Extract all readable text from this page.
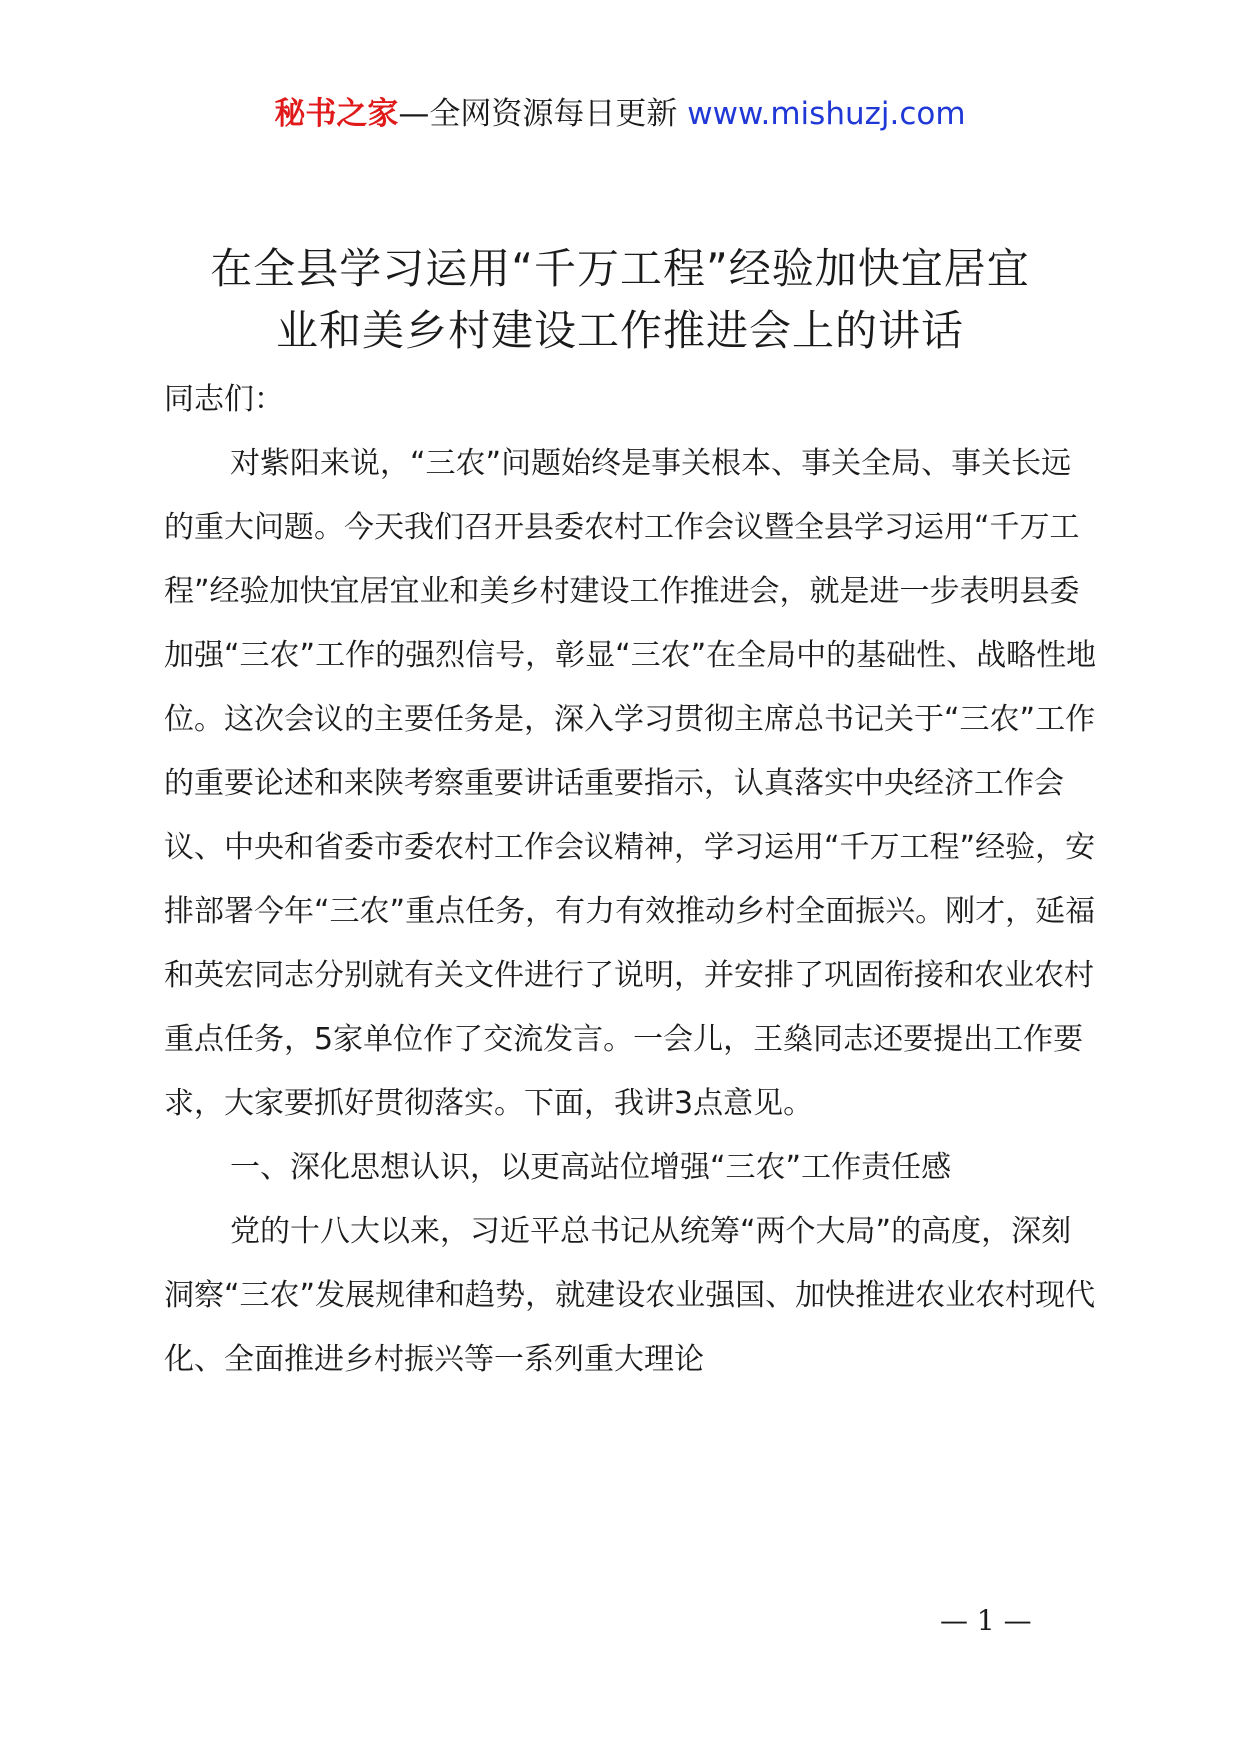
秘书之家—全网资源每日更新 www.mishuzj.com
在全县学习运用“千万工程”经验加快宜居宜
业和美乡村建设工作推进会上的讲话

同志们：

对紫阳来说，“三农”问题始终是事关根本、事关全局、事关长远的重大问题。今天我们召开县委农村工作会议暨全县学习运用“千万工程”经验加快宜居宜业和美乡村建设工作推进会，就是进一步表明县委加强“三农”工作的强烈信号，彰显“三农”在全局中的基础性、战略性地位。这次会议的主要任务是，深入学习贯彻主席总书记关于“三农”工作的重要论述和来陕考察重要讲话重要指示，认真落实中央经济工作会议、中央和省委市委农村工作会议精神，学习运用“千万工程”经验，安排部署今年“三农”重点任务，有力有效推动乡村全面振兴。刚才，延福和英宏同志分别就有关文件进行了说明，并安排了巩固衔接和农业农村重点任务，5家单位作了交流发言。一会儿，王燊同志还要提出工作要求，大家要抓好贯彻落实。下面，我讲3点意见。

一、深化思想认识，以更高站位增强“三农”工作责任感

党的十八大以来，习近平总书记从统筹“两个大局”的高度，深刻洞察“三农”发展规律和趋势，就建设农业强国、加快推进农业农村现代化、全面推进乡村振兴等一系列重大理论

— 1 —
